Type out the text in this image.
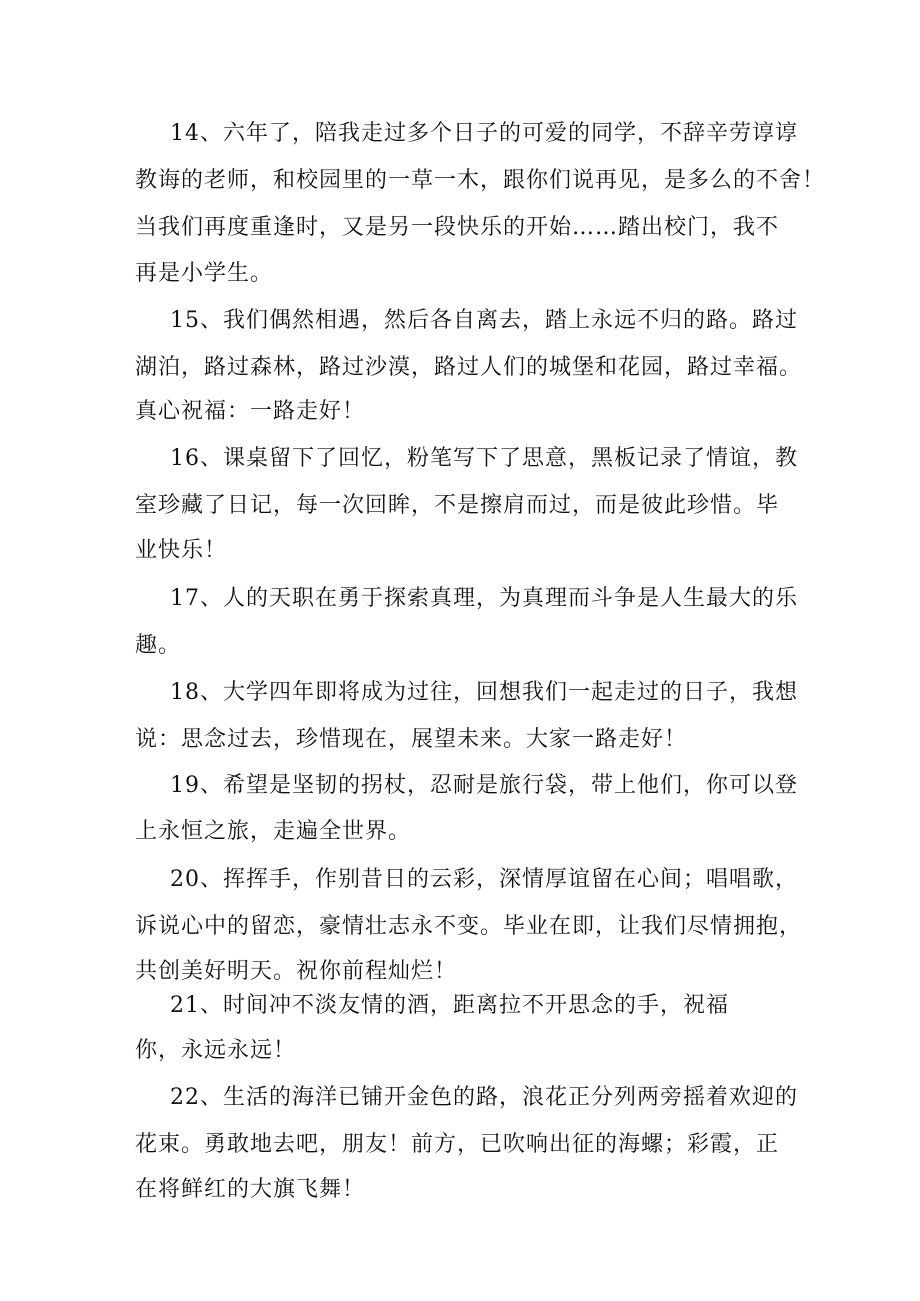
14、六年了，陪我走过多个日子的可爱的同学，不辞辛劳谆谆
教诲的老师，和校园里的一草一木，跟你们说再见，是多么的不舍！
当我们再度重逢时，又是另一段快乐的开始……踏出校门，我不
再是小学生。
15、我们偶然相遇，然后各自离去，踏上永远不归的路。路过
湖泊，路过森林，路过沙漠，路过人们的城堡和花园，路过幸福。
真心祝福：一路走好！
16、课桌留下了回忆，粉笔写下了思意，黑板记录了情谊，教
室珍藏了日记，每一次回眸，不是擦肩而过，而是彼此珍惜。毕
业快乐！
17、人的天职在勇于探索真理，为真理而斗争是人生最大的乐
趣。
18、大学四年即将成为过往，回想我们一起走过的日子，我想
说：思念过去，珍惜现在，展望未来。大家一路走好！
19、希望是坚韧的拐杖，忍耐是旅行袋，带上他们，你可以登
上永恒之旅，走遍全世界。
20、挥挥手，作别昔日的云彩，深情厚谊留在心间；唱唱歌，
诉说心中的留恋，豪情壮志永不变。毕业在即，让我们尽情拥抱，
共创美好明天。祝你前程灿烂！
21、时间冲不淡友情的酒，距离拉不开思念的手，祝福
你，永远永远！
22、生活的海洋已铺开金色的路，浪花正分列两旁摇着欢迎的
花束。勇敢地去吧，朋友！前方，已吹响出征的海螺；彩霞，正
在将鲜红的大旗飞舞！
